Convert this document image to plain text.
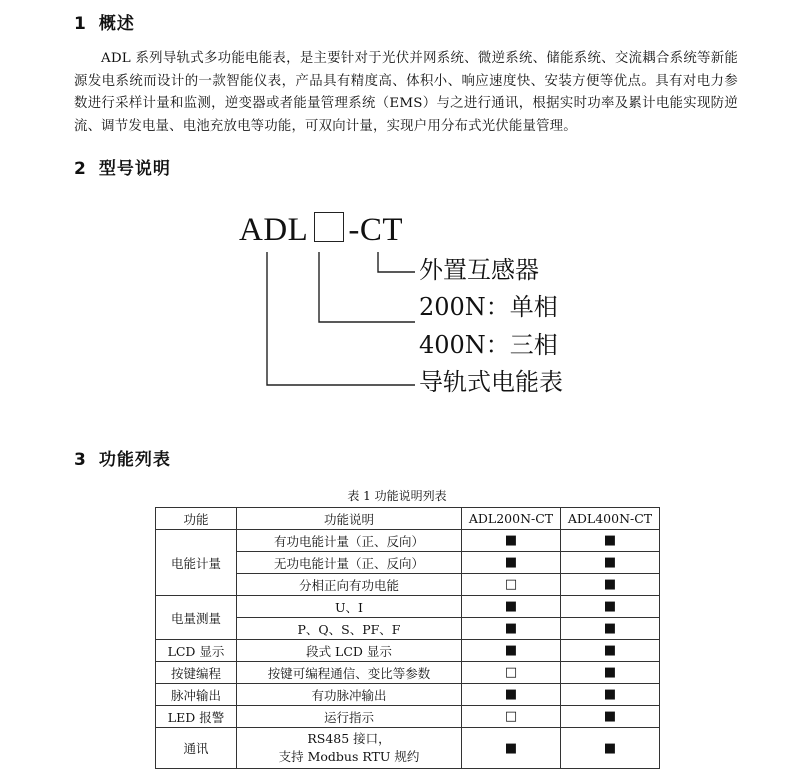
1 概述
ADL 系列导轨式多功能电能表，是主要针对于光伏并网系统、微逆系统、储能系统、交流耦合系统等新能源发电系统而设计的一款智能仪表，产品具有精度高、体积小、响应速度快、安装方便等优点。具有对电力参数进行采样计量和监测，逆变器或者能量管理系统（EMS）与之进行通讯，根据实时功率及累计电能实现防逆流、调节发电量、电池充放电等功能，可双向计量，实现户用分布式光伏能量管理。
2 型号说明
ADL -CT
外置互感器
200N：单相
400N：三相
导轨式电能表
3 功能列表
表 1 功能说明列表
功能	功能说明	ADL200N-CT	ADL400N-CT
电能计量	有功电能计量（正、反向）	■	■
	无功电能计量（正、反向）	■	■
	分相正向有功电能	□	■
电量测量	U、I	■	■
	P、Q、S、PF、F	■	■
LCD 显示	段式 LCD 显示	■	■
按键编程	按键可编程通信、变比等参数	□	■
脉冲输出	有功脉冲输出	■	■
LED 报警	运行指示	□	■
通讯	RS485 接口，
支持 Modbus RTU 规约	■	■
